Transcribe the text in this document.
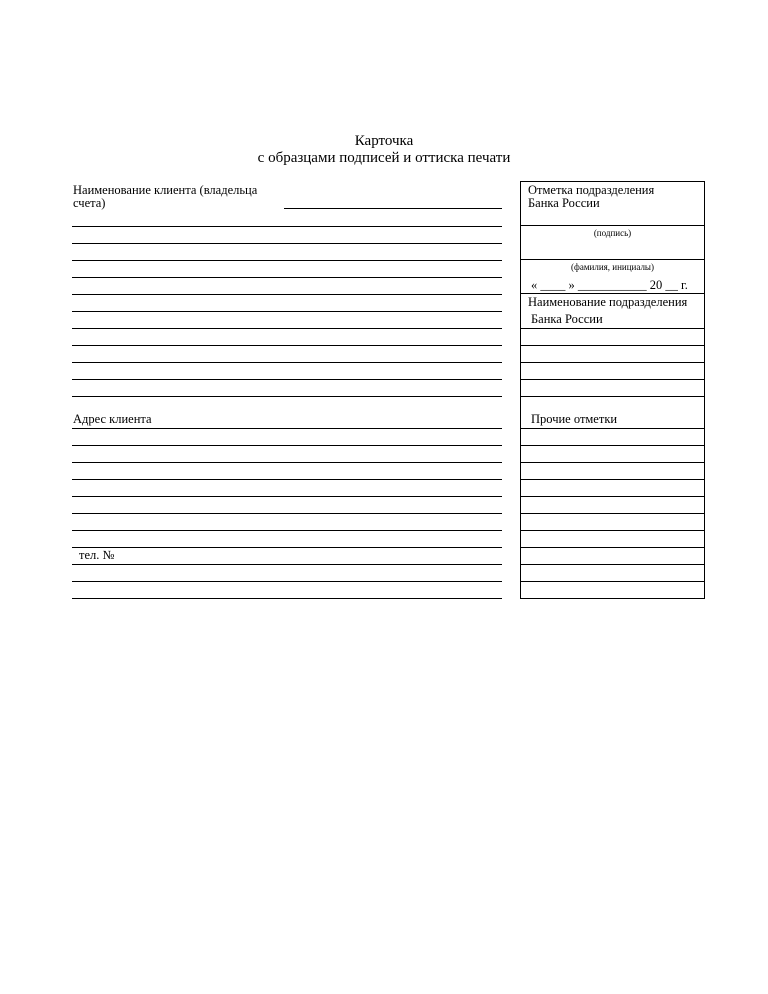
Карточка
с образцами подписей и оттиска печати
Наименование клиента (владельца
счета)
Адрес клиента
тел. №
Отметка подразделения
Банка России
(подпись)
(фамилия, инициалы)
« ____ » ___________ 20 __ г.
Наименование подразделения
Банка России
Прочие отметки
